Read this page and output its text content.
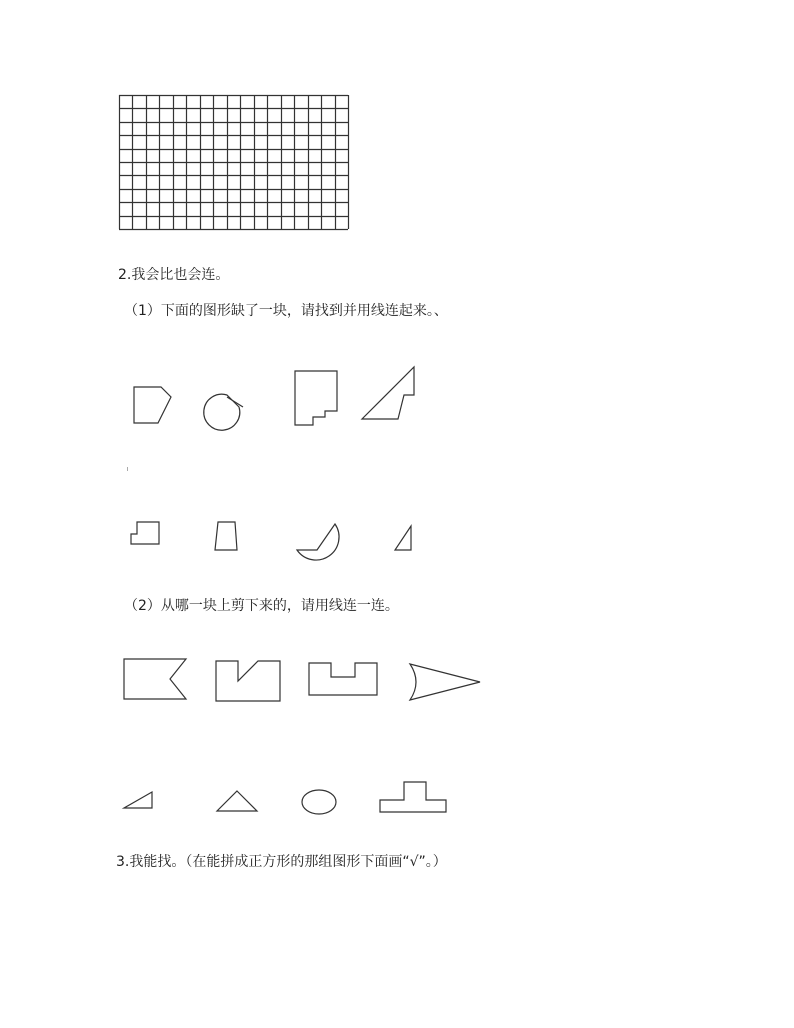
2.我会比也会连。
（1）下面的图形缺了一块，请找到并用线连起来。、
（2）从哪一块上剪下来的，请用线连一连。
3.我能找。（在能拼成正方形的那组图形下面画“√”。）
